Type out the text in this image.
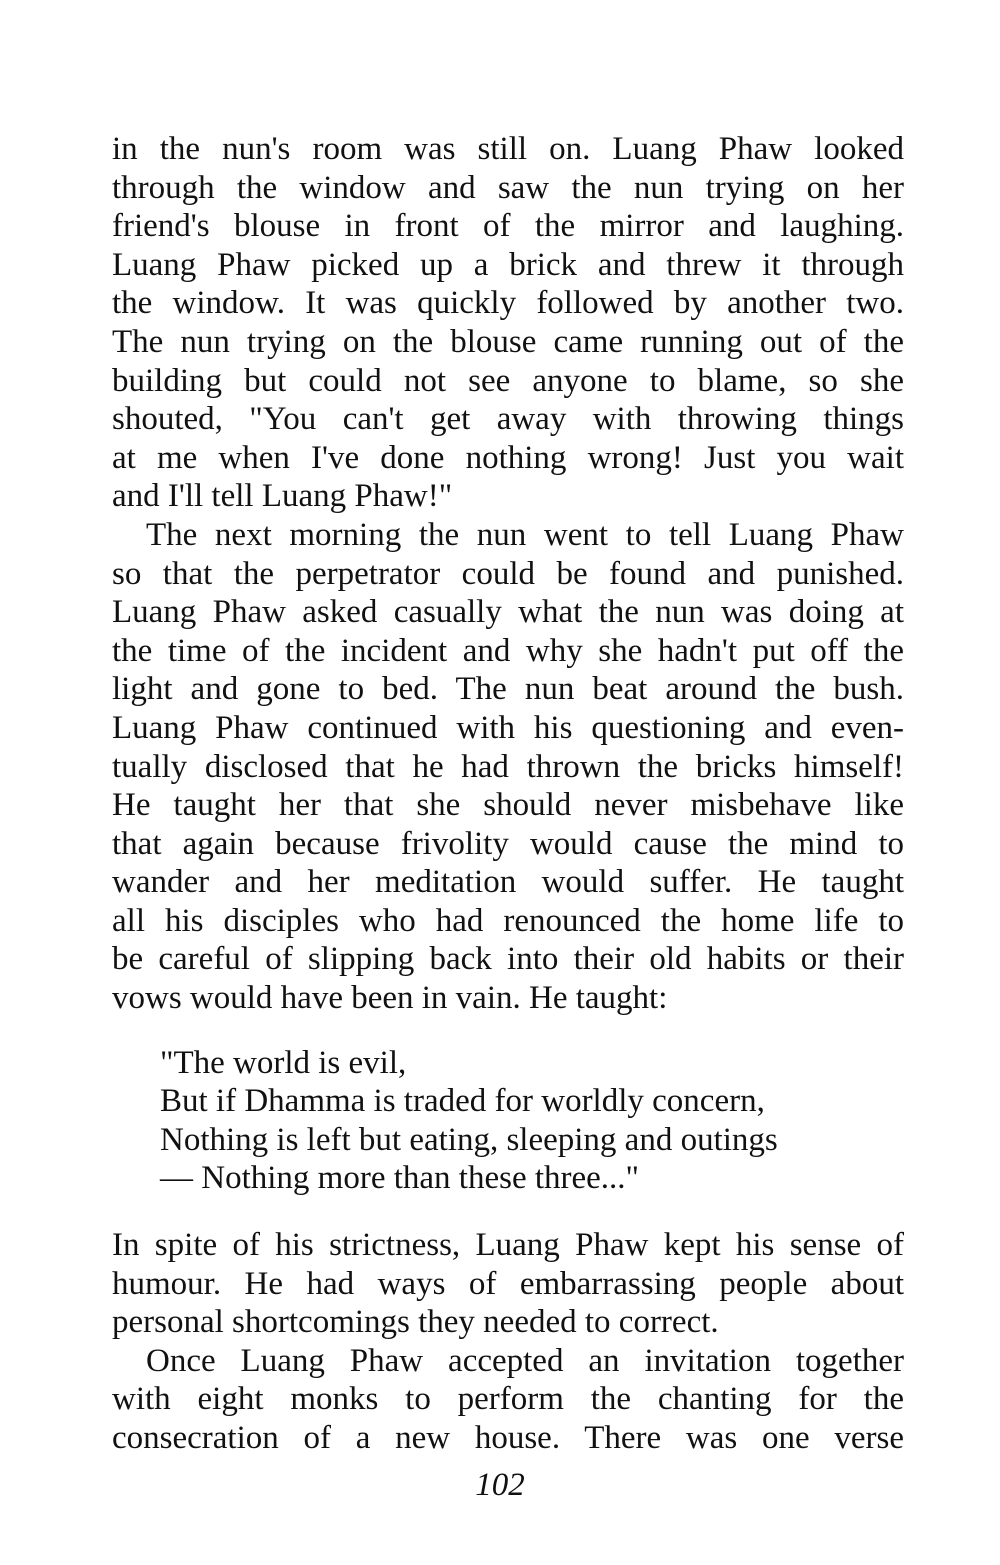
in the nun's room was still on. Luang Phaw looked
through the window and saw the nun trying on her
friend's blouse in front of the mirror and laughing.
Luang Phaw picked up a brick and threw it through
the window. It was quickly followed by another two.
The nun trying on the blouse came running out of the
building but could not see anyone to blame, so she
shouted, "You can't get away with throwing things
at me when I've done nothing wrong! Just you wait
and I'll tell Luang Phaw!"
The next morning the nun went to tell Luang Phaw
so that the perpetrator could be found and punished.
Luang Phaw asked casually what the nun was doing at
the time of the incident and why she hadn't put off the
light and gone to bed. The nun beat around the bush.
Luang Phaw continued with his questioning and even-
tually disclosed that he had thrown the bricks himself!
He taught her that she should never misbehave like
that again because frivolity would cause the mind to
wander and her meditation would suffer. He taught
all his disciples who had renounced the home life to
be careful of slipping back into their old habits or their
vows would have been in vain. He taught:
"The world is evil,
But if Dhamma is traded for worldly concern,
Nothing is left but eating, sleeping and outings
— Nothing more than these three..."
In spite of his strictness, Luang Phaw kept his sense of
humour. He had ways of embarrassing people about
personal shortcomings they needed to correct.
Once Luang Phaw accepted an invitation together
with eight monks to perform the chanting for the
consecration of a new house. There was one verse
102
